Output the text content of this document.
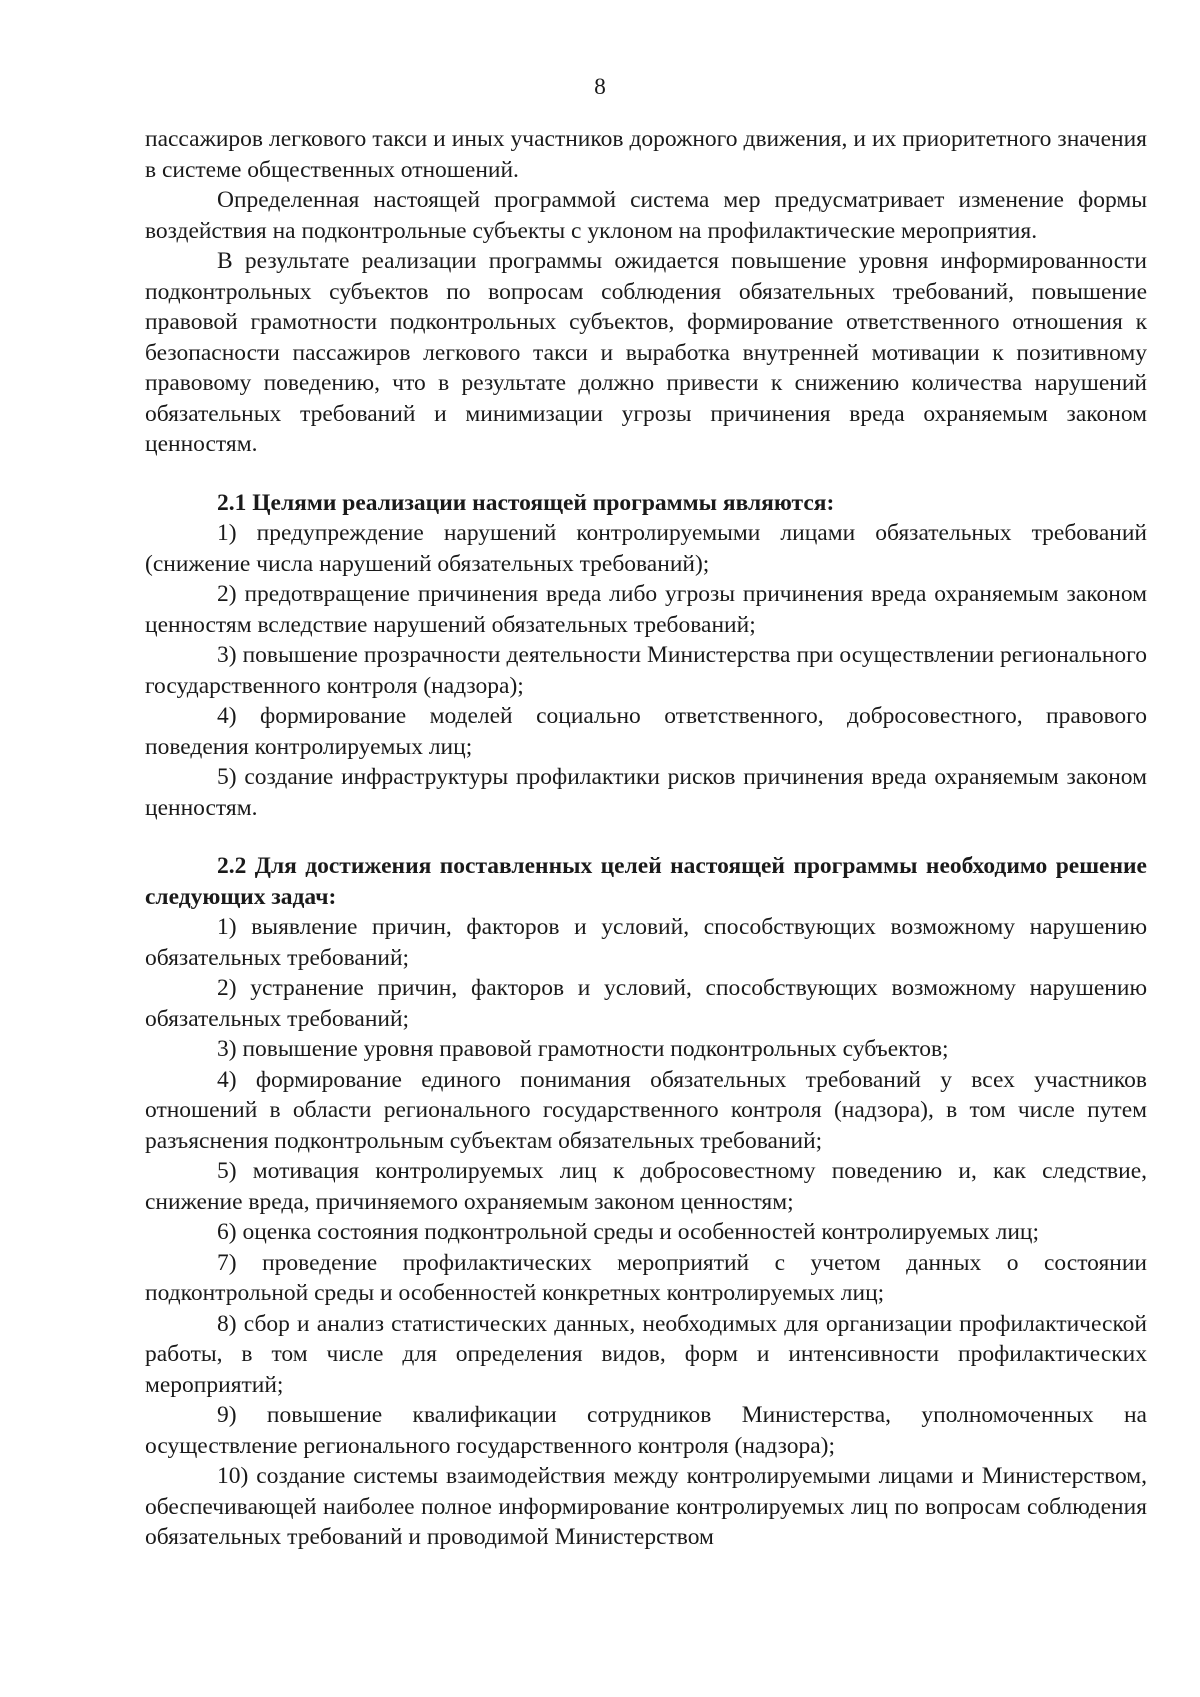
8

пассажиров легкового такси и иных участников дорожного движения, и их приоритетного значения в системе общественных отношений.

Определенная настоящей программой система мер предусматривает изменение формы воздействия на подконтрольные субъекты с уклоном на профилактические мероприятия.

В результате реализации программы ожидается повышение уровня информированности подконтрольных субъектов по вопросам соблюдения обязательных требований, повышение правовой грамотности подконтрольных субъектов, формирование ответственного отношения к безопасности пассажиров легкового такси и выработка внутренней мотивации к позитивному правовому поведению, что в результате должно привести к снижению количества нарушений обязательных требований и минимизации угрозы причинения вреда охраняемым законом ценностям.

2.1 Целями реализации настоящей программы являются:

1) предупреждение нарушений контролируемыми лицами обязательных требований (снижение числа нарушений обязательных требований);

2) предотвращение причинения вреда либо угрозы причинения вреда охраняемым законом ценностям вследствие нарушений обязательных требований;

3) повышение прозрачности деятельности Министерства при осуществлении регионального государственного контроля (надзора);

4) формирование моделей социально ответственного, добросовестного, правового поведения контролируемых лиц;

5) создание инфраструктуры профилактики рисков причинения вреда охраняемым законом ценностям.

2.2 Для достижения поставленных целей настоящей программы необходимо решение следующих задач:

1) выявление причин, факторов и условий, способствующих возможному нарушению обязательных требований;

2) устранение причин, факторов и условий, способствующих возможному нарушению обязательных требований;

3) повышение уровня правовой грамотности подконтрольных субъектов;

4) формирование единого понимания обязательных требований у всех участников отношений в области регионального государственного контроля (надзора), в том числе путем разъяснения подконтрольным субъектам обязательных требований;

5) мотивация контролируемых лиц к добросовестному поведению и, как следствие, снижение вреда, причиняемого охраняемым законом ценностям;

6) оценка состояния подконтрольной среды и особенностей контролируемых лиц;

7) проведение профилактических мероприятий с учетом данных о состоянии подконтрольной среды и особенностей конкретных контролируемых лиц;

8) сбор и анализ статистических данных, необходимых для организации профилактической работы, в том числе для определения видов, форм и интенсивности профилактических мероприятий;

9) повышение квалификации сотрудников Министерства, уполномоченных на осуществление регионального государственного контроля (надзора);

10) создание системы взаимодействия между контролируемыми лицами и Министерством, обеспечивающей наиболее полное информирование контролируемых лиц по вопросам соблюдения обязательных требований и проводимой Министерством
